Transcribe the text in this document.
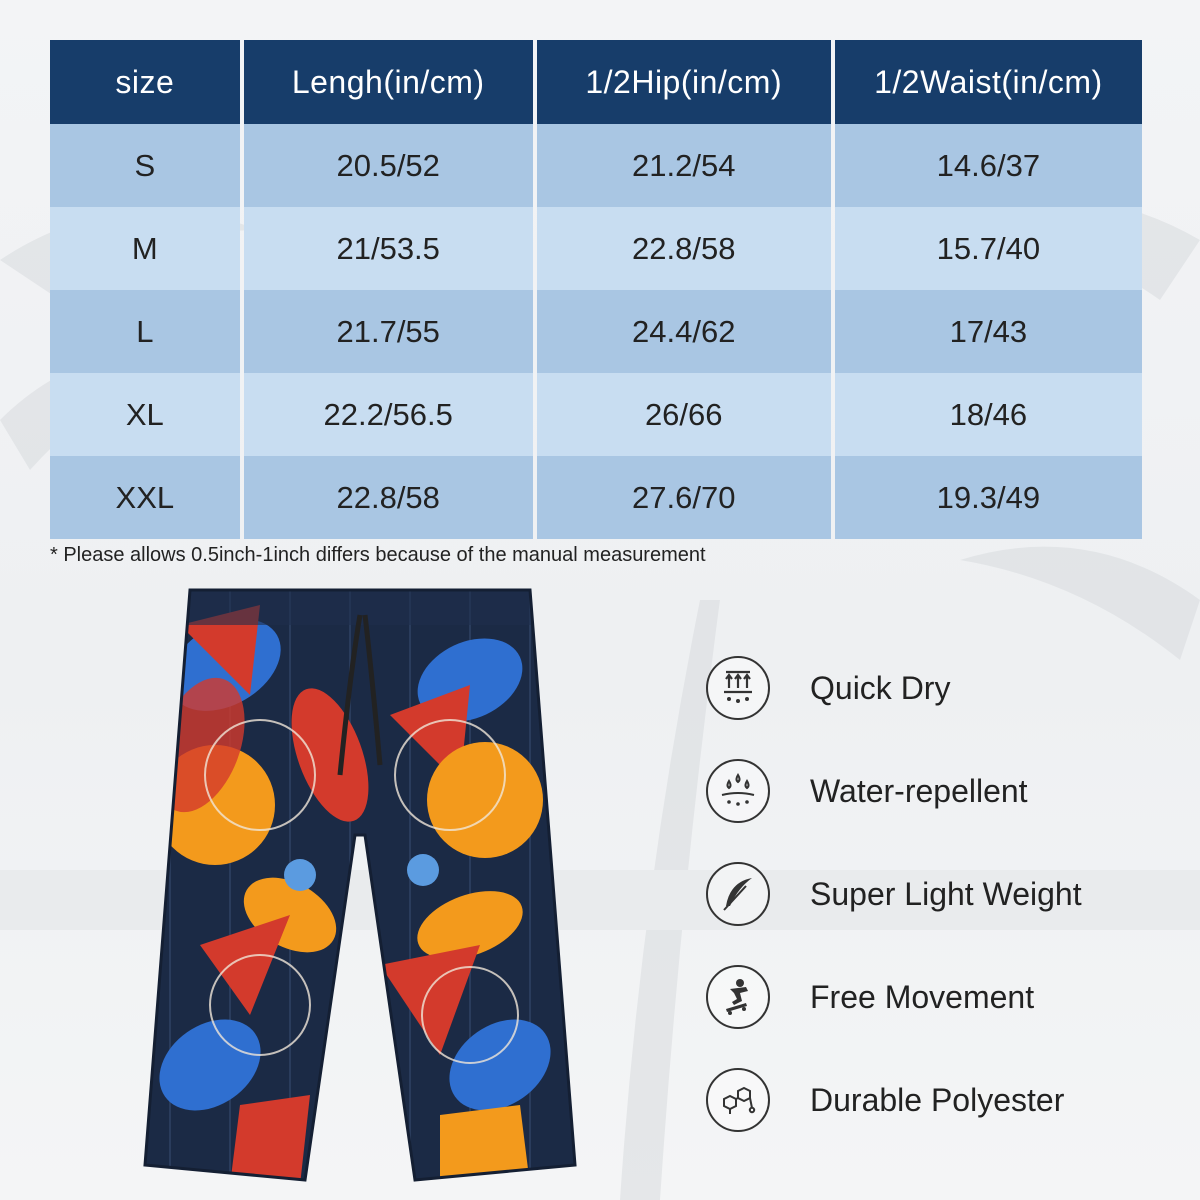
size	Lengh(in/cm)	1/2Hip(in/cm)	1/2Waist(in/cm)
S	20.5/52	21.2/54	14.6/37
M	21/53.5	22.8/58	15.7/40
L	21.7/55	24.4/62	17/43
XL	22.2/56.5	26/66	18/46
XXL	22.8/58	27.6/70	19.3/49
* Please allows 0.5inch-1inch differs because of the manual measurement
Quick Dry
Water-repellent
Super Light Weight
Free Movement
Durable Polyester
